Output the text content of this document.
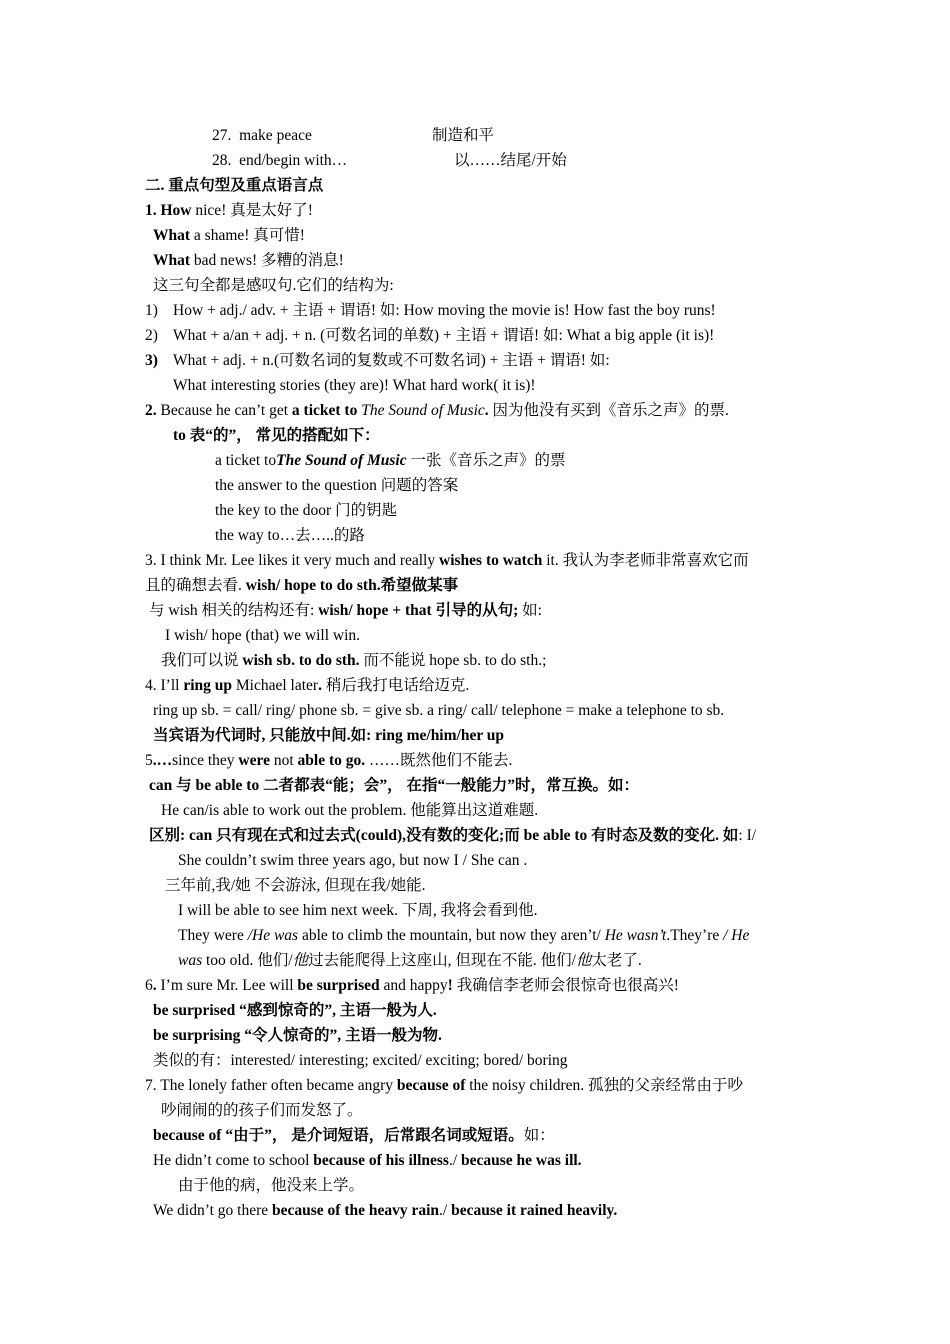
27. make peace	制造和平
28. end/begin with…	以……结尾/开始
二. 重点句型及重点语言点
1. How nice! 真是太好了!
What a shame! 真可惜!
What bad news! 多糟的消息!
这三句全都是感叹句.它们的结构为:
1) How + adj./ adv. + 主语 + 谓语! 如: How moving the movie is! How fast the boy runs!
2) What + a/an + adj. + n. (可数名词的单数) + 主语 + 谓语! 如: What a big apple (it is)!
3) What + adj. + n.(可数名词的复数或不可数名词) + 主语 + 谓语! 如:
What interesting stories (they are)! What hard work( it is)!
2. Because he can’t get a ticket to The Sound of Music. 因为他没有买到《音乐之声》的票.
to 表“的”， 常见的搭配如下：
a ticket toThe Sound of Music 一张《音乐之声》的票
the answer to the question 问题的答案
the key to the door 门的钥匙
the way to…去…..的路
3. I think Mr. Lee likes it very much and really wishes to watch it. 我认为李老师非常喜欢它而
且的确想去看. wish/ hope to do sth.希望做某事
与 wish 相关的结构还有: wish/ hope + that 引导的从句; 如:
I wish/ hope (that) we will win.
我们可以说 wish sb. to do sth. 而不能说 hope sb. to do sth.;
4. I’ll ring up Michael later. 稍后我打电话给迈克.
ring up sb. = call/ ring/ phone sb. = give sb. a ring/ call/ telephone = make a telephone to sb.
当宾语为代词时, 只能放中间.如: ring me/him/her up
5.…since they were not able to go. ……既然他们不能去.
can 与 be able to 二者都表“能；会”， 在指“一般能力”时，常互换。如：
He can/is able to work out the problem. 他能算出这道难题.
区别: can 只有现在式和过去式(could),没有数的变化;而 be able to 有时态及数的变化. 如: I/
She couldn’t swim three years ago, but now I / She can .
三年前,我/她 不会游泳, 但现在我/她能.
I will be able to see him next week. 下周, 我将会看到他.
They were /He was able to climb the mountain, but now they aren’t/ He wasn’t.They’re / He
was too old. 他们/他过去能爬得上这座山, 但现在不能. 他们/他太老了.
6. I’m sure Mr. Lee will be surprised and happy! 我确信李老师会很惊奇也很高兴!
be surprised “感到惊奇的”, 主语一般为人.
be surprising “令人惊奇的”, 主语一般为物.
类似的有：interested/ interesting; excited/ exciting; bored/ boring
7. The lonely father often became angry because of the noisy children. 孤独的父亲经常由于吵
吵闹闹的的孩子们而发怒了。
because of “由于”， 是介词短语，后常跟名词或短语。如：
He didn’t come to school because of his illness./ because he was ill.
由于他的病，他没来上学。
We didn’t go there because of the heavy rain./ because it rained heavily.
